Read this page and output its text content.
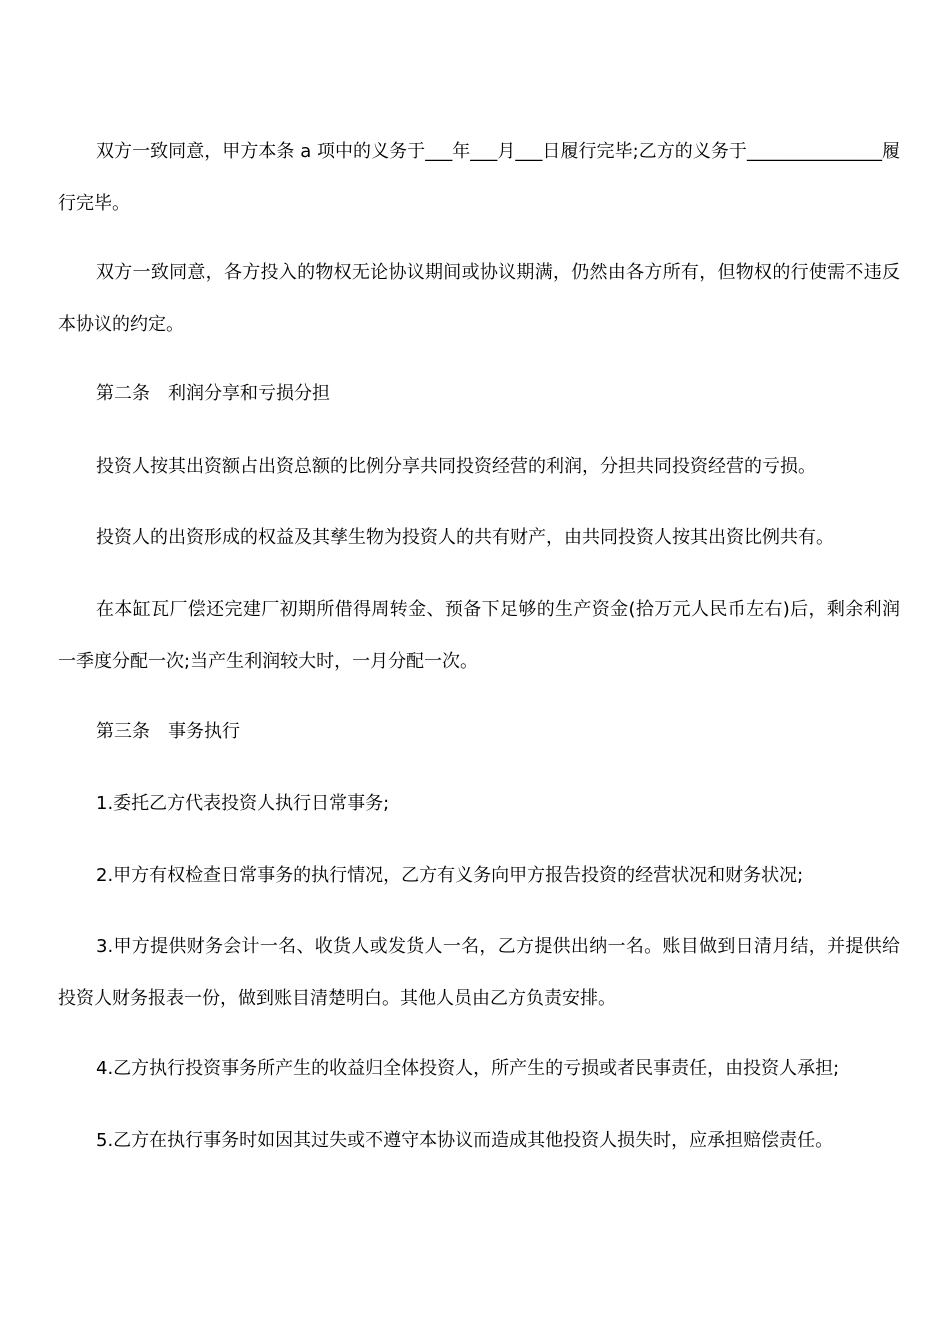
双方一致同意，甲方本条 a 项中的义务于___年___月___日履行完毕;乙方的义务于_______________履行完毕。

双方一致同意，各方投入的物权无论协议期间或协议期满，仍然由各方所有，但物权的行使需不违反本协议的约定。

第二条　利润分享和亏损分担

投资人按其出资额占出资总额的比例分享共同投资经营的利润，分担共同投资经营的亏损。

投资人的出资形成的权益及其孳生物为投资人的共有财产，由共同投资人按其出资比例共有。

在本缸瓦厂偿还完建厂初期所借得周转金、预备下足够的生产资金(拾万元人民币左右)后，剩余利润一季度分配一次;当产生利润较大时，一月分配一次。

第三条　事务执行

1.委托乙方代表投资人执行日常事务;

2.甲方有权检查日常事务的执行情况，乙方有义务向甲方报告投资的经营状况和财务状况;

3.甲方提供财务会计一名、收货人或发货人一名，乙方提供出纳一名。账目做到日清月结，并提供给投资人财务报表一份，做到账目清楚明白。其他人员由乙方负责安排。

4.乙方执行投资事务所产生的收益归全体投资人，所产生的亏损或者民事责任，由投资人承担;

5.乙方在执行事务时如因其过失或不遵守本协议而造成其他投资人损失时，应承担赔偿责任。
